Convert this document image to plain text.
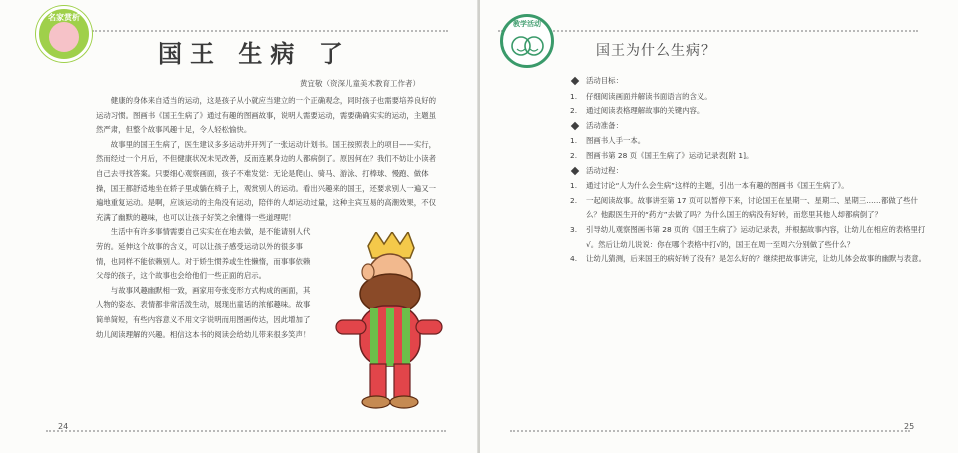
名家赏析
国王 生病 了
黄宜敬（资深儿童美术教育工作者）

健康的身体来自适当的运动，这是孩子从小就应当建立的一个正确观念，同时孩子也需要培养良好的运动习惯。图画书《国王生病了》通过有趣的图画故事，说明人需要运动，需要确确实实的运动，主题虽然严肃，但整个故事风趣十足，令人轻松愉快。

故事里的国王生病了，医生建议多多运动并开列了一张运动计划书。国王按照表上的项目——实行，然而经过一个月后，不但健康状况未见改善，反而连累身边的人都病倒了。原因何在？我们不妨让小读者自己去寻找答案。只要细心观察画面，孩子不难发觉：无论是爬山、骑马、游泳、打棒球、慢跑、做体操，国王都舒适地坐在轿子里或躺在椅子上，观赏别人的运动。看出兴趣来的国王，还要求别人一遍又一遍地重复运动。是啊，应该运动的主角没有运动，陪伴的人却运动过量，这种主宾互易的高潮效果，不仅充满了幽默的趣味，也可以让孩子好笑之余懂得一些道理呢！

生活中有许多事情需要自己实实在在地去做，是不能请别人代劳的。延伸这个故事的含义，可以让孩子感受运动以外的很多事情，也同样不能依赖别人。对于娇生惯养或生性懒惰，而事事依赖父母的孩子，这个故事也会给他们一些正面的启示。

与故事风趣幽默相一致，画家用夸张变形方式构成的画面，其人物的姿态、表情都非常活泼生动，展现出童话的浓郁趣味。故事简单简短，有些内容意义不用文字说明而用图画传达，因此增加了幼儿阅读理解的兴趣。相信这本书的阅读会给幼儿带来很多笑声！

24
教学活动
国王为什么生病？
活动目标：
1.	仔细阅读画面并解读书面语言的含义。
2.	通过阅读表格理解故事的关键内容。
活动准备：
1.	图画书人手一本。
2.	图画书第 28 页《国王生病了》运动记录表[附 1]。
活动过程：
1.	通过讨论“人为什么会生病”这样的主题，引出一本有趣的图画书《国王生病了》。
2.	一起阅读故事。故事讲至第 17 页可以暂停下来，讨论国王在星期一、星期二、星期三……都做了些什么？他跟医生开的“药方”去做了吗？为什么国王的病没有好转，而您里其他人却都病倒了？
3.	引导幼儿观察图画书第 28 页的《国王生病了》运动记录表，并根据故事内容，让幼儿在相应的表格里打√。然后让幼儿说说：你在哪个表格中打√的，国王在周一至周六分别做了些什么？
4.	让幼儿猜测，后来国王的病好转了没有？是怎么好的？继续把故事讲完，让幼儿体会故事的幽默与表意。
25
